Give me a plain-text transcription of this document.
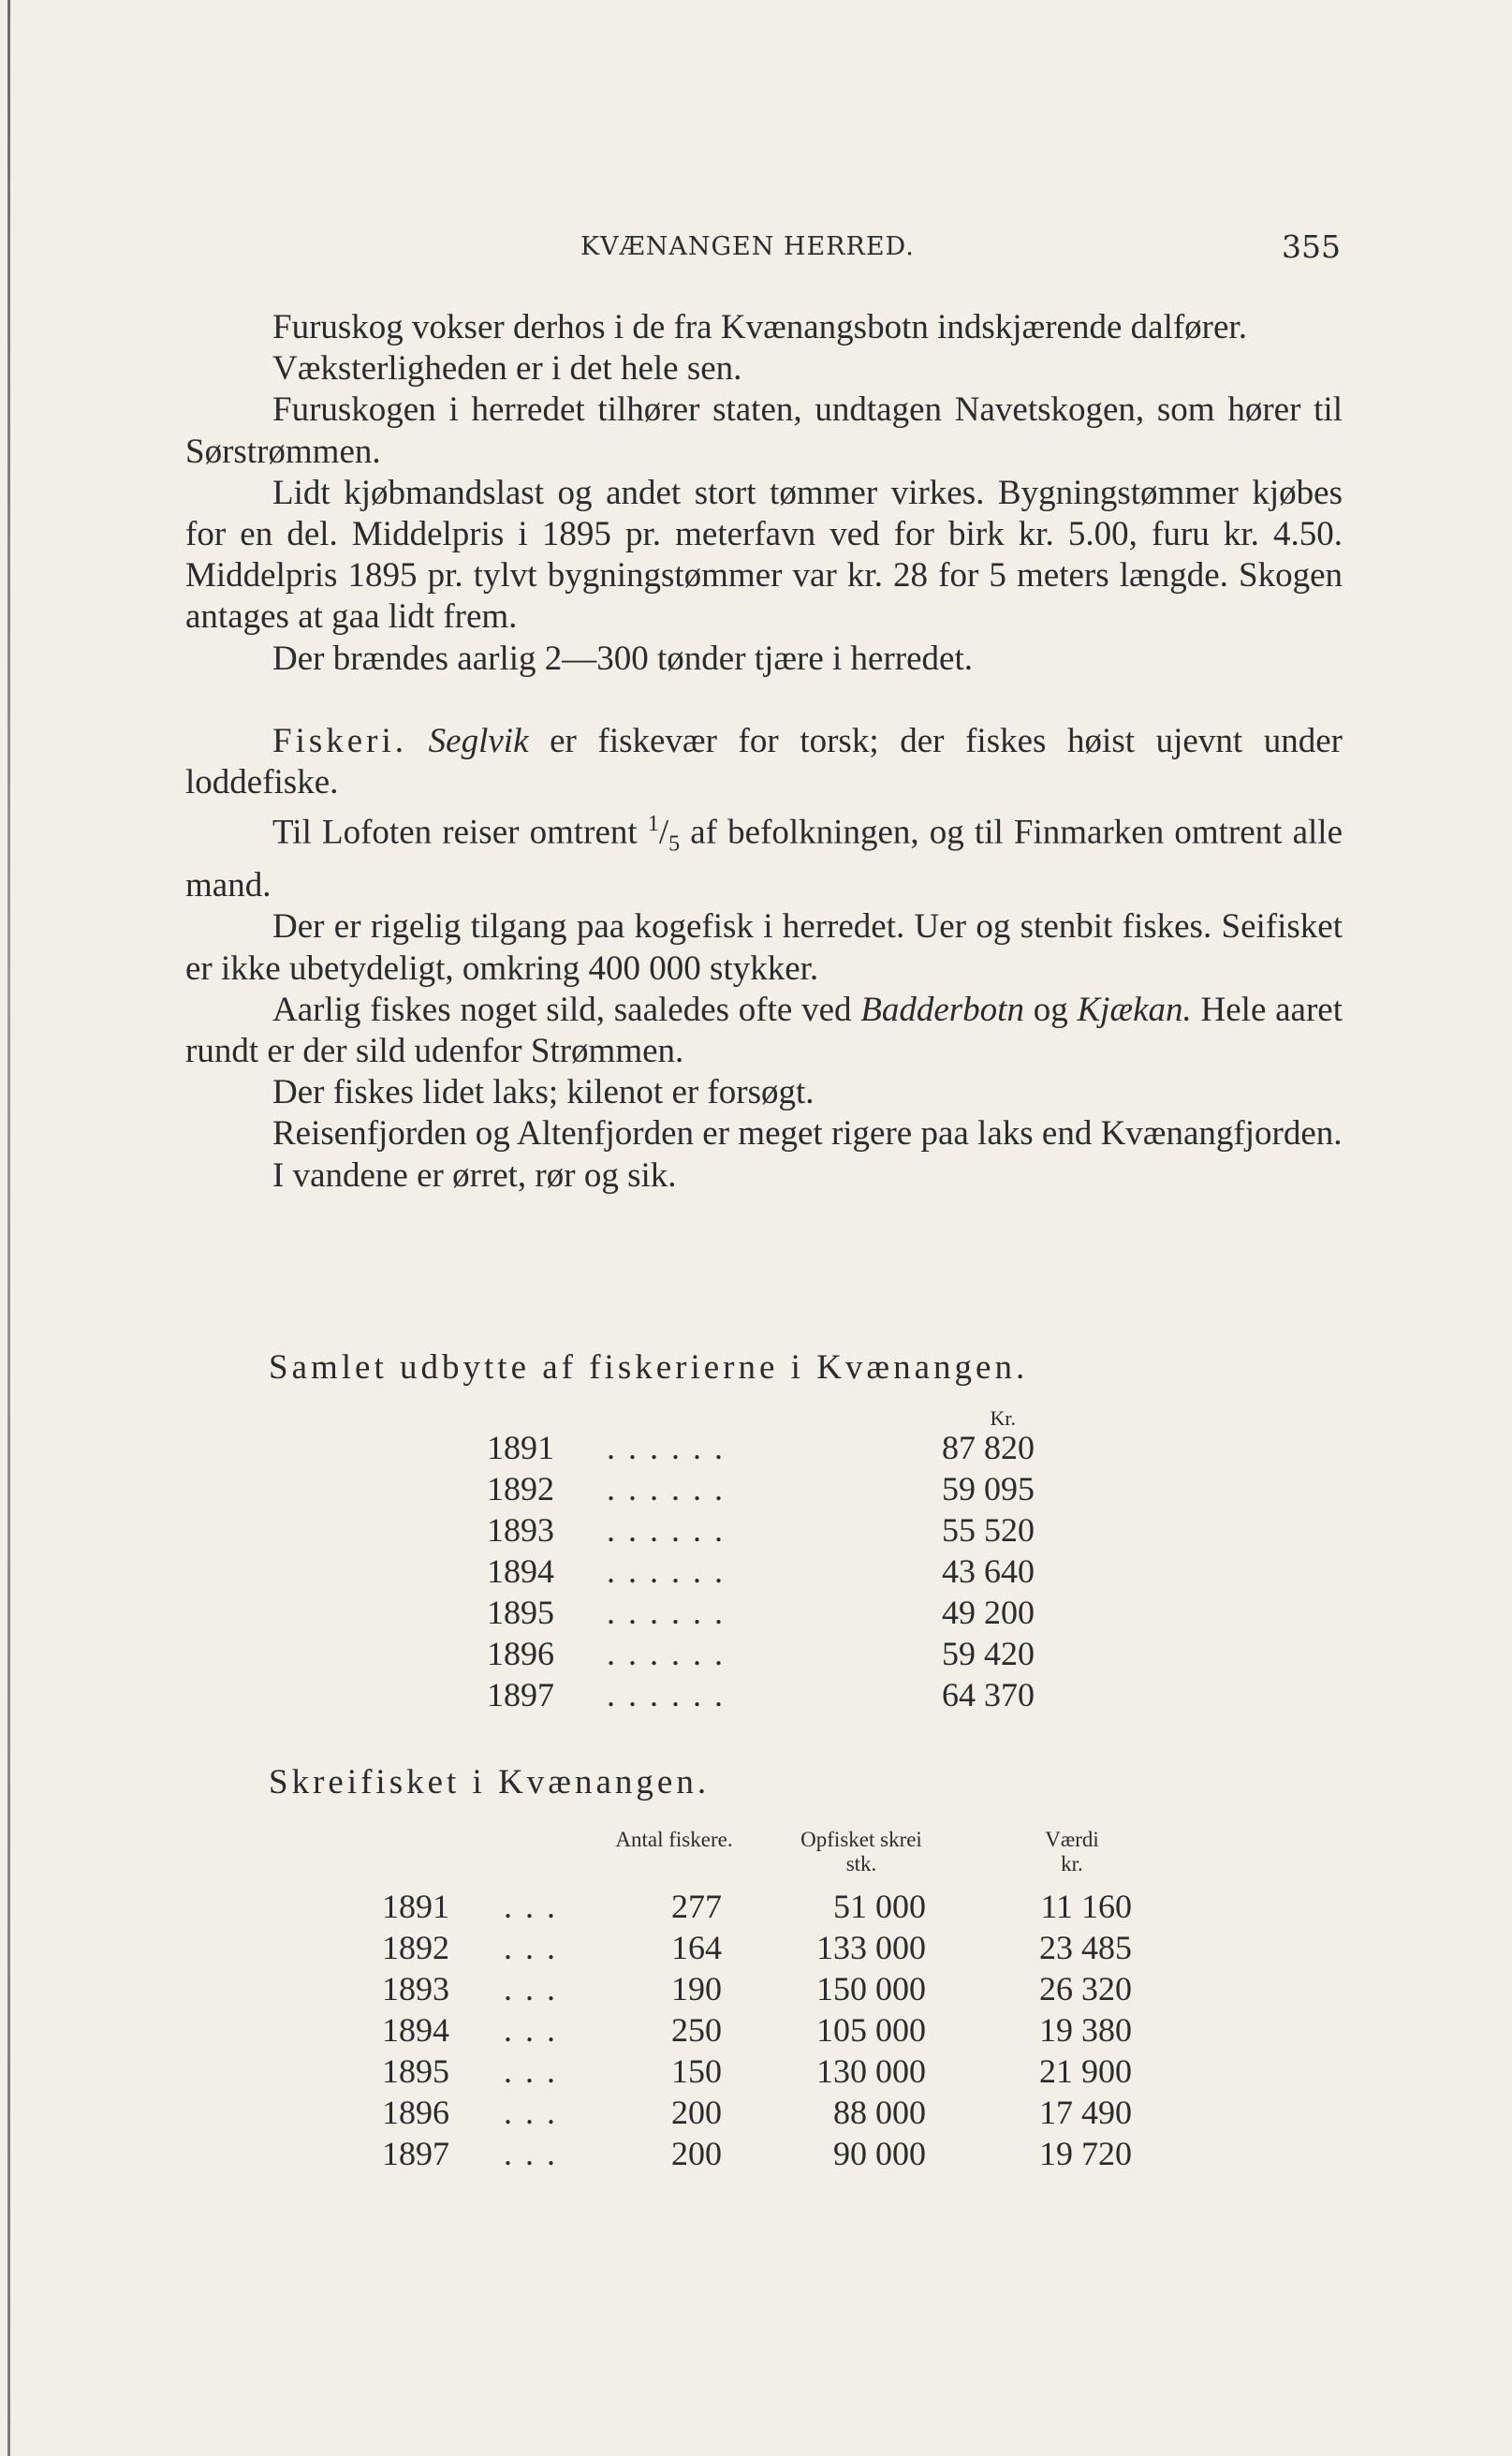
KVÆNANGEN HERRED.	355

Furuskog vokser derhos i de fra Kvænangsbotn indskjærende dalfører.

Væksterligheden er i det hele sen.

Furuskogen i herredet tilhører staten, undtagen Navetskogen, som hører til Sørstrømmen.

Lidt kjøbmandslast og andet stort tømmer virkes. Bygningstømmer kjøbes for en del. Middelpris i 1895 pr. meterfavn ved for birk kr. 5.00, furu kr. 4.50. Middelpris 1895 pr. tylvt bygningstømmer var kr. 28 for 5 meters længde. Skogen antages at gaa lidt frem.

Der brændes aarlig 2—300 tønder tjære i herredet.

Fiskeri. Seglvik er fiskevær for torsk; der fiskes høist ujevnt under loddefiske.

Til Lofoten reiser omtrent $^1/_5$ af befolkningen, og til Finmarken omtrent alle mand.

Der er rigelig tilgang paa kogefisk i herredet. Uer og stenbit fiskes. Seifisket er ikke ubetydeligt, omkring 400 000 stykker.

Aarlig fiskes noget sild, saaledes ofte ved Badderbotn og Kjækan. Hele aaret rundt er der sild udenfor Strømmen.

Der fiskes lidet laks; kilenot er forsøgt.

Reisenfjorden og Altenfjorden er meget rigere paa laks end Kvænangfjorden.

I vandene er ørret, rør og sik.

Samlet udbytte af fiskerierne i Kvænangen.
Kr.
1891 ......	87 820
1892 ......	59 095
1893 ......	55 520
1894 ......	43 640
1895 ......	49 200
1896 ......	59 420
1897 ......	64 370
Skreifisket i Kvænangen.
Antal fiskere.	Opfisket skrei
stk.
Værdi
kr.
1891 ...	277	51 000	11 160
1892 ...	164	133 000	23 485
1893 ...	190	150 000	26 320
1894 ...	250	105 000	19 380
1895 ...	150	130 000	21 900
1896 ...	200	88 000	17 490
1897 ...	200	90 000	19 720
